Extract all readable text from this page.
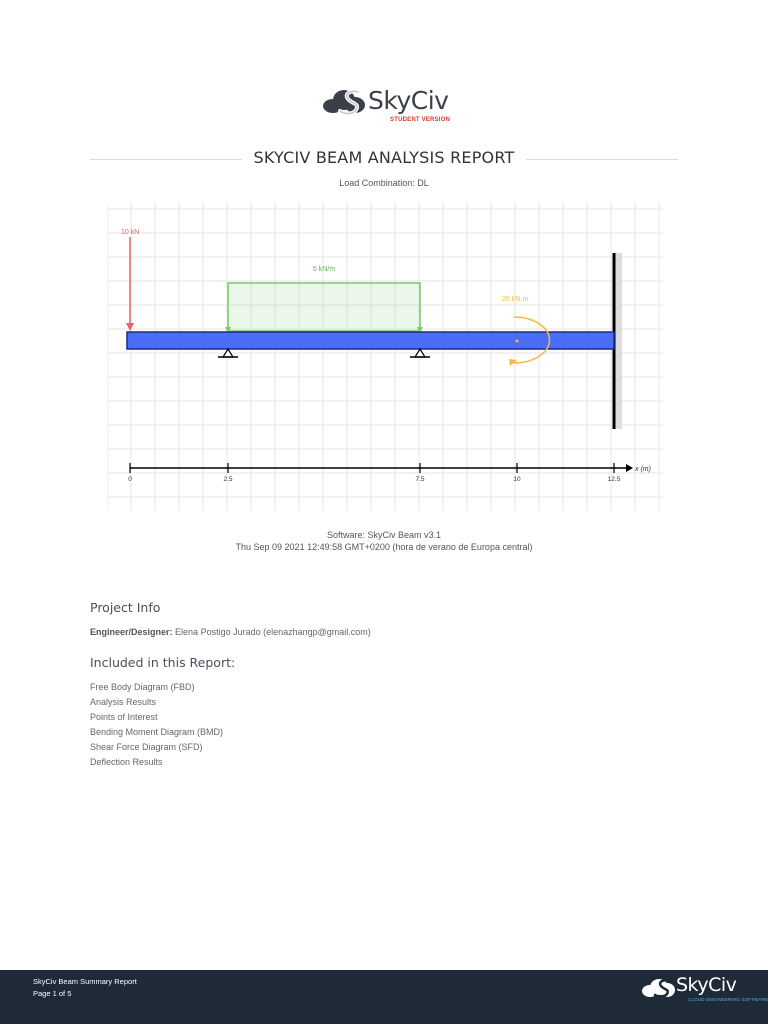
SkyCiv
STUDENT VERSION
SKYCIV BEAM ANALYSIS REPORT
Load Combination: DL
5 kN/m
10 kN
20 kN·m
x (m)
0	2.5	7.5	10	12.5
Software: SkyCiv Beam v3.1
Thu Sep 09 2021 12:49:58 GMT+0200 (hora de verano de Europa central)
Project Info
Engineer/Designer: Elena Postigo Jurado (elenazhangp@gmail.com)
Included in this Report:
Free Body Diagram (FBD)
Analysis Results
Points of Interest
Bending Moment Diagram (BMD)
Shear Force Diagram (SFD)
Deflection Results
SkyCiv Beam Summary Report
Page 1 of 5	SkyCiv
CLOUD ENGINEERING SOFTWARE
